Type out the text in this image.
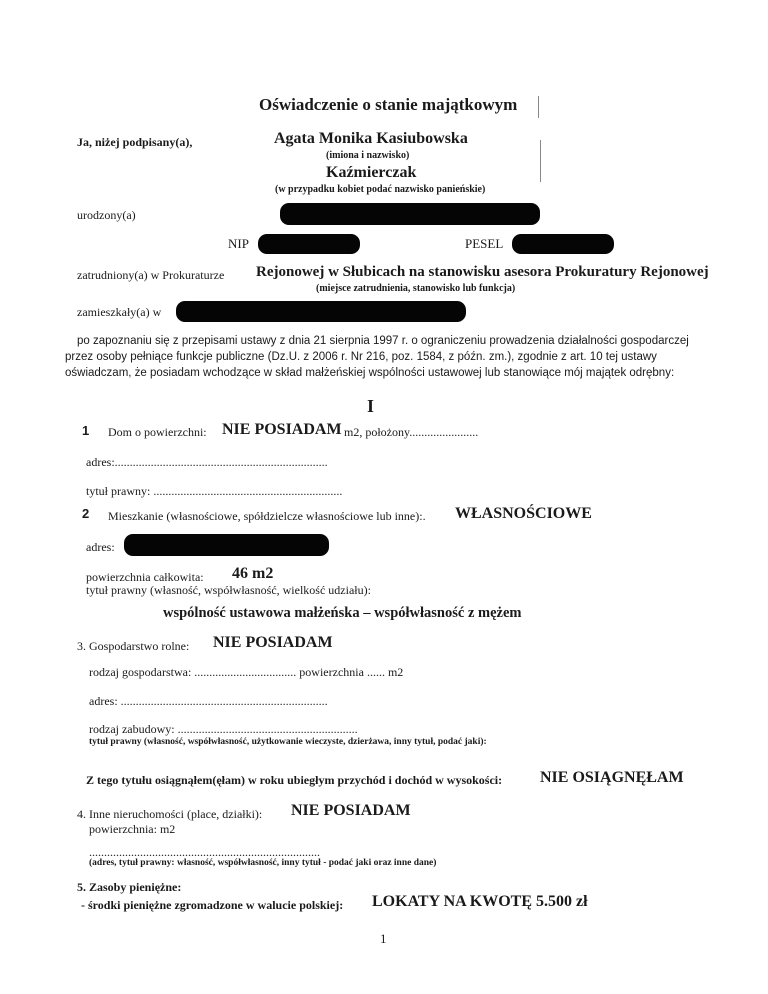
Oświadczenie o stanie majątkowym
Ja, niżej podpisany(a),	Agata Monika Kasiubowska
(imiona i nazwisko)
Kaźmierczak
(w przypadku kobiet podać nazwisko panieńskie)
urodzony(a)
NIP	PESEL
zatrudniony(a) w Prokuraturze Rejonowej w Słubicach na stanowisku asesora Prokuratury Rejonowej
(miejsce zatrudnienia, stanowisko lub funkcja)
zamieszkały(a) w
po zapoznaniu się z przepisami ustawy z dnia 21 sierpnia 1997 r. o ograniczeniu prowadzenia działalności gospodarczej
przez osoby pełniące funkcje publiczne (Dz.U. z 2006 r. Nr 216, poz. 1584, z późn. zm.), zgodnie z art. 10 tej ustawy
oświadczam, że posiadam wchodzące w skład małżeńskiej wspólności ustawowej lub stanowiące mój majątek odrębny:
I
1 Dom o powierzchni: NIE POSIADAM m2, położony.......................
adres:.......................................................................
tytuł prawny: ...............................................................
2 Mieszkanie (własnościowe, spółdzielcze własnościowe lub inne):. WŁASNOŚCIOWE
adres:
powierzchnia całkowita: 46 m2
tytuł prawny (własność, współwłasność, wielkość udziału):
wspólność ustawowa małżeńska – współwłasność z mężem
3. Gospodarstwo rolne: NIE POSIADAM
rodzaj gospodarstwa: .................................. powierzchnia ...... m2
adres: .....................................................................
rodzaj zabudowy: ............................................................
tytuł prawny (własność, współwłasność, użytkowanie wieczyste, dzierżawa, inny tytuł, podać jaki):
Z tego tytułu osiągnąłem(ęłam) w roku ubiegłym przychód i dochód w wysokości: NIE OSIĄGNĘŁAM
4. Inne nieruchomości (place, działki): NIE POSIADAM
powierzchnia: m2
.............................................................................
(adres, tytuł prawny: własność, współwłasność, inny tytuł - podać jaki oraz inne dane)
5. Zasoby pieniężne:
- środki pieniężne zgromadzone w walucie polskiej: LOKATY NA KWOTĘ 5.500 zł
1
